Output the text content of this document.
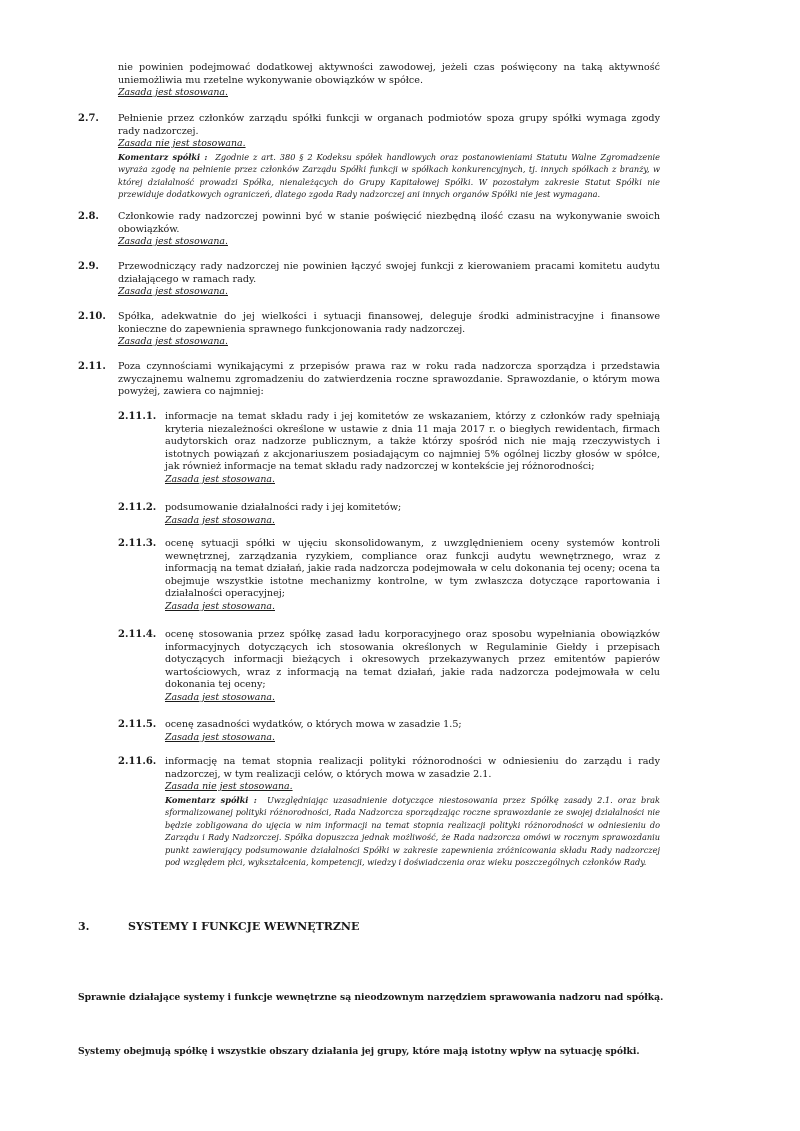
nie powinien podejmować dodatkowej aktywności zawodowej, jeżeli czas poświęcony na taką aktywność uniemożliwia mu rzetelne wykonywanie obowiązków w spółce.
Zasada jest stosowana.
2.7. Pełnienie przez członków zarządu spółki funkcji w organach podmiotów spoza grupy spółki wymaga zgody rady nadzorczej.
Zasada nie jest stosowana.
Komentarz spółki : Zgodnie z art. 380 § 2 Kodeksu spółek handlowych oraz postanowieniami Statutu Walne Zgromadzenie wyraża zgodę na pełnienie przez członków Zarządu Spółki funkcji w spółkach konkurencyjnych, tj. innych spółkach z branży, w której działalność prowadzi Spółka, nienależących do Grupy Kapitałowej Spółki. W pozostałym zakresie Statut Spółki nie przewiduje dodatkowych ograniczeń, dlatego zgoda Rady nadzorczej ani innych organów Spółki nie jest wymagana.
2.8. Członkowie rady nadzorczej powinni być w stanie poświęcić niezbędną ilość czasu na wykonywanie swoich obowiązków.
Zasada jest stosowana.
2.9. Przewodniczący rady nadzorczej nie powinien łączyć swojej funkcji z kierowaniem pracami komitetu audytu działającego w ramach rady.
Zasada jest stosowana.
2.10. Spółka, adekwatnie do jej wielkości i sytuacji finansowej, deleguje środki administracyjne i finansowe konieczne do zapewnienia sprawnego funkcjonowania rady nadzorczej.
Zasada jest stosowana.
2.11. Poza czynnościami wynikającymi z przepisów prawa raz w roku rada nadzorcza sporządza i przedstawia zwyczajnemu walnemu zgromadzeniu do zatwierdzenia roczne sprawozdanie. Sprawozdanie, o którym mowa powyżej, zawiera co najmniej:
2.11.1. informacje na temat składu rady i jej komitetów ze wskazaniem, którzy z członków rady spełniają kryteria niezależności określone w ustawie z dnia 11 maja 2017 r. o biegłych rewidentach, firmach audytorskich oraz nadzorze publicznym, a także którzy spośród nich nie mają rzeczywistych i istotnych powiązań z akcjonariuszem posiadającym co najmniej 5% ogólnej liczby głosów w spółce, jak również informacje na temat składu rady nadzorczej w kontekście jej różnorodności;
Zasada jest stosowana.
2.11.2. podsumowanie działalności rady i jej komitetów;
Zasada jest stosowana.
2.11.3. ocenę sytuacji spółki w ujęciu skonsolidowanym, z uwzględnieniem oceny systemów kontroli wewnętrznej, zarządzania ryzykiem, compliance oraz funkcji audytu wewnętrznego, wraz z informacją na temat działań, jakie rada nadzorcza podejmowała w celu dokonania tej oceny; ocena ta obejmuje wszystkie istotne mechanizmy kontrolne, w tym zwłaszcza dotyczące raportowania i działalności operacyjnej;
Zasada jest stosowana.
2.11.4. ocenę stosowania przez spółkę zasad ładu korporacyjnego oraz sposobu wypełniania obowiązków informacyjnych dotyczących ich stosowania określonych w Regulaminie Giełdy i przepisach dotyczących informacji bieżących i okresowych przekazywanych przez emitentów papierów wartościowych, wraz z informacją na temat działań, jakie rada nadzorcza podejmowała w celu dokonania tej oceny;
Zasada jest stosowana.
2.11.5. ocenę zasadności wydatków, o których mowa w zasadzie 1.5;
Zasada jest stosowana.
2.11.6. informację na temat stopnia realizacji polityki różnorodności w odniesieniu do zarządu i rady nadzorczej, w tym realizacji celów, o których mowa w zasadzie 2.1.
Zasada nie jest stosowana.
Komentarz spółki : Uwzględniając uzasadnienie dotyczące niestosowania przez Spółkę zasady 2.1. oraz brak sformalizowanej polityki różnorodności, Rada Nadzorcza sporządzając roczne sprawozdanie ze swojej działalności nie będzie zobligowana do ujęcia w nim informacji na temat stopnia realizacji polityki różnorodności w odniesieniu do Zarządu i Rady Nadzorczej. Spółka dopuszcza jednak możliwość, że Rada nadzorcza omówi w rocznym sprawozdaniu punkt zawierający podsumowanie działalności Spółki w zakresie zapewnienia zróżnicowania składu Rady nadzorczej pod względem płci, wykształcenia, kompetencji, wiedzy i doświadczenia oraz wieku poszczególnych członków Rady.
3.	SYSTEMY I FUNKCJE WEWNĘTRZNE
Sprawnie działające systemy i funkcje wewnętrzne są nieodzownym narzędziem sprawowania nadzoru nad spółką.
Systemy obejmują spółkę i wszystkie obszary działania jej grupy, które mają istotny wpływ na sytuację spółki.
